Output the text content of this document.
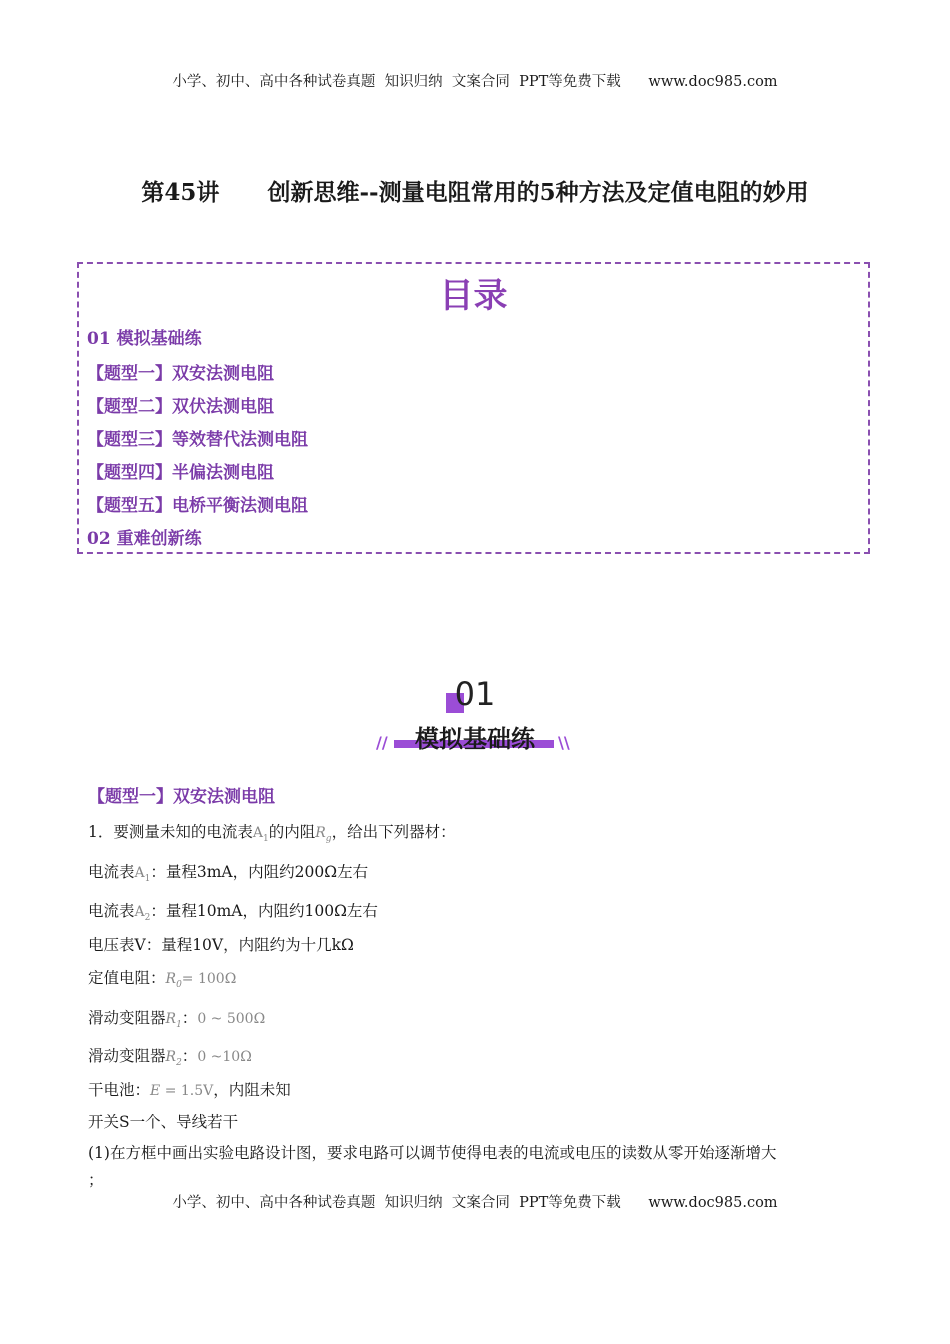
小学、初中、高中各种试卷真题  知识归纳  文案合同  PPT等免费下载      www.doc985.com
第45讲      创新思维--测量电阻常用的5种方法及定值电阻的妙用
目录
01 模拟基础练
【题型一】双安法测电阻
【题型二】双伏法测电阻
【题型三】等效替代法测电阻
【题型四】半偏法测电阻
【题型五】电桥平衡法测电阻
02 重难创新练
01
模拟基础练
//	\\
【题型一】双安法测电阻
1．要测量未知的电流表$A_1$的内阻$R_g$，给出下列器材：
电流表$A_1$：量程3mA，内阻约200Ω左右
电流表$A_2$：量程10mA，内阻约100Ω左右
电压表V：量程10V，内阻约为十几kΩ
定值电阻：$R_0= 100\Omega$
滑动变阻器$R_1$：0 ~ 500Ω
滑动变阻器$R_2$：0 ~10Ω
干电池：E = 1.5V，内阻未知
开关S一个、导线若干
(1)在方框中画出实验电路设计图，要求电路可以调节使得电表的电流或电压的读数从零开始逐渐增大
；
小学、初中、高中各种试卷真题  知识归纳  文案合同  PPT等免费下载      www.doc985.com
